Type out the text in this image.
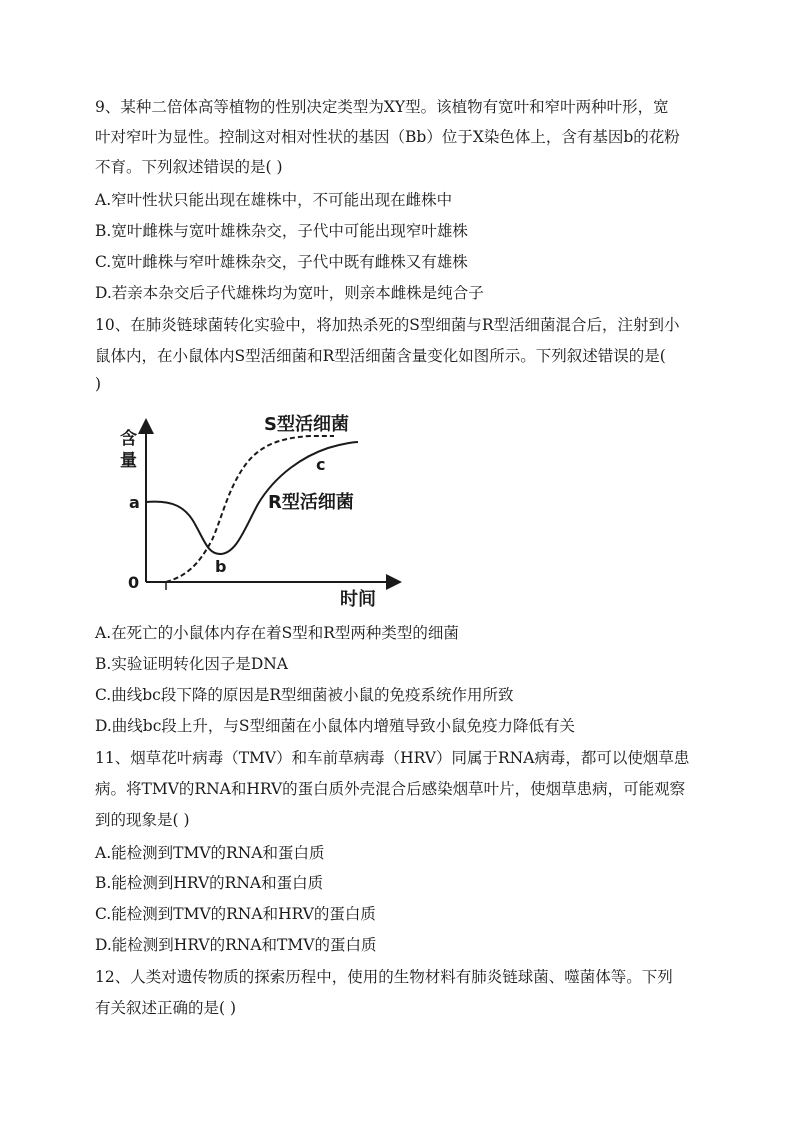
9、某种二倍体高等植物的性别决定类型为XY型。该植物有宽叶和窄叶两种叶形，宽
叶对窄叶为显性。控制这对相对性状的基因（Bb）位于X染色体上，含有基因b的花粉
不育。下列叙述错误的是( )
A.窄叶性状只能出现在雄株中，不可能出现在雌株中
B.宽叶雌株与宽叶雄株杂交，子代中可能出现窄叶雄株
C.宽叶雌株与窄叶雄株杂交，子代中既有雌株又有雄株
D.若亲本杂交后子代雄株均为宽叶，则亲本雌株是纯合子
10、在肺炎链球菌转化实验中，将加热杀死的S型细菌与R型活细菌混合后，注射到小
鼠体内，在小鼠体内S型活细菌和R型活细菌含量变化如图所示。下列叙述错误的是(
)
含
量
时间
0
a
b
c
S型活细菌
R型活细菌
A.在死亡的小鼠体内存在着S型和R型两种类型的细菌
B.实验证明转化因子是DNA
C.曲线bc段下降的原因是R型细菌被小鼠的免疫系统作用所致
D.曲线bc段上升，与S型细菌在小鼠体内增殖导致小鼠免疫力降低有关
11、烟草花叶病毒（TMV）和车前草病毒（HRV）同属于RNA病毒，都可以使烟草患
病。将TMV的RNA和HRV的蛋白质外壳混合后感染烟草叶片，使烟草患病，可能观察
到的现象是( )
A.能检测到TMV的RNA和蛋白质
B.能检测到HRV的RNA和蛋白质
C.能检测到TMV的RNA和HRV的蛋白质
D.能检测到HRV的RNA和TMV的蛋白质
12、人类对遗传物质的探索历程中，使用的生物材料有肺炎链球菌、噬菌体等。下列
有关叙述正确的是( )
